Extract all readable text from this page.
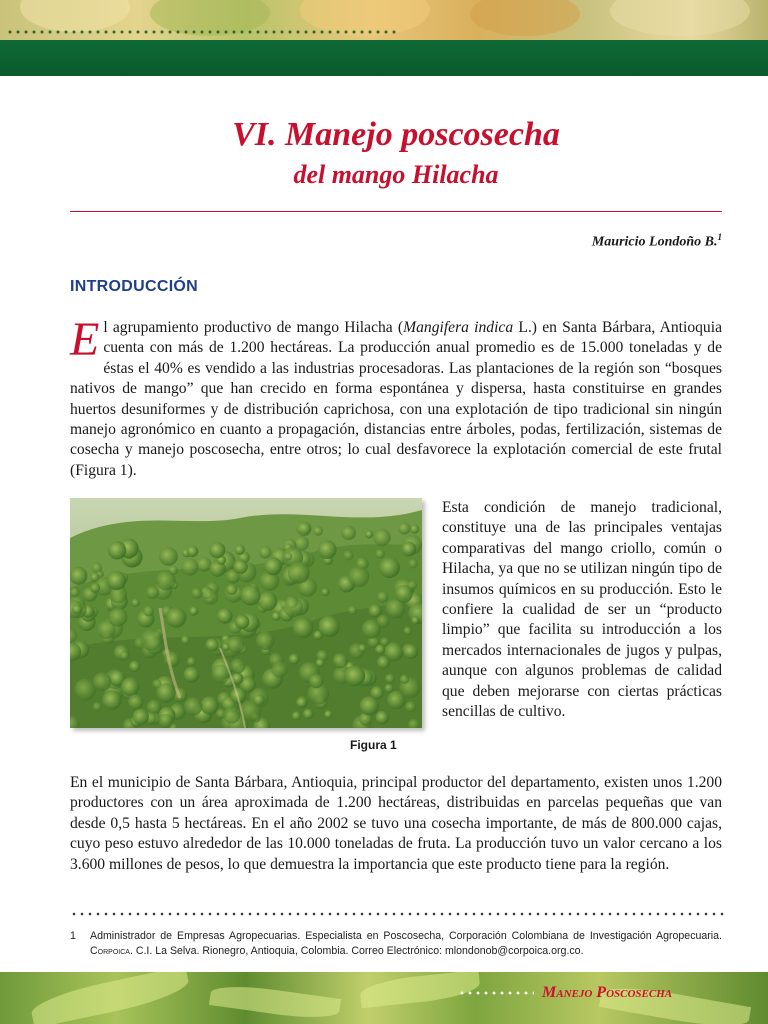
VI. Manejo poscosecha

del mango Hilacha

Mauricio Londoño B.$^1$
INTRODUCCIÓN

El agrupamiento productivo de mango Hilacha (Mangifera indica L.) en Santa Bárbara, Antioquia cuenta con más de 1.200 hectáreas. La producción anual promedio es de 15.000 toneladas y de éstas el 40% es vendido a las industrias procesadoras. Las plantaciones de la región son “bosques nativos de mango” que han crecido en forma espontánea y dispersa, hasta constituirse en grandes huertos desuniformes y de distribución caprichosa, con una explotación de tipo tradicional sin ningún manejo agronómico en cuanto a propagación, distancias entre árboles, podas, fertilización, sistemas de cosecha y manejo poscosecha, entre otros; lo cual desfavorece la explotación comercial de este frutal (Figura 1).

Figura 1

Esta condición de manejo tradicional, constituye una de las principales ventajas comparativas del mango criollo, común o Hilacha, ya que no se utilizan ningún tipo de insumos químicos en su producción. Esto le confiere la cualidad de ser un “producto limpio” que facilita su introducción a los mercados internacionales de jugos y pulpas, aunque con algunos problemas de calidad que deben mejorarse con ciertas prácticas sencillas de cultivo.

En el municipio de Santa Bárbara, Antioquia, principal productor del departamento, existen unos 1.200 productores con un área aproximada de 1.200 hectáreas, distribuidas en parcelas pequeñas que van desde 0,5 hasta 5 hectáreas. En el año 2002 se tuvo una cosecha importante, de más de 800.000 cajas, cuyo peso estuvo alrededor de las 10.000 toneladas de fruta. La producción tuvo un valor cercano a los 3.600 millones de pesos, lo que demuestra la importancia que este producto tiene para la región.

1	Administrador de Empresas Agropecuarias. Especialista en Poscosecha, Corporación Colombiana de Investigación Agropecuaria. Corpoica. C.I. La Selva. Rionegro, Antioquia, Colombia. Correo Electrónico: mlondonob@corpoica.org.co.
Manejo Poscosecha
